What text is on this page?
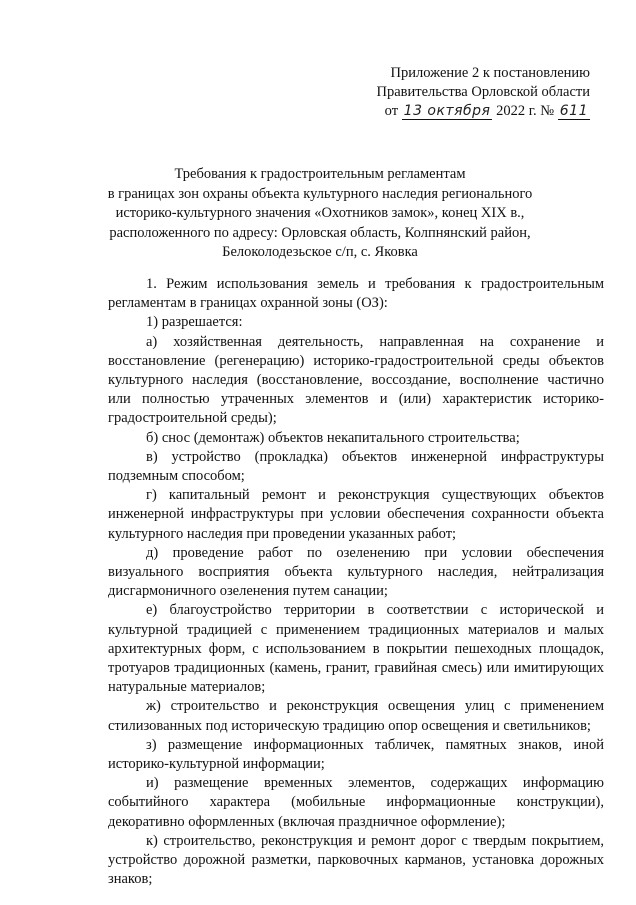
Приложение 2 к постановлению
Правительства Орловской области
от 13 октября 2022 г. № 611
Требования к градостроительным регламентам
в границах зон охраны объекта культурного наследия регионального
историко-культурного значения «Охотников замок», конец XIX в.,
расположенного по адресу: Орловская область, Колпнянский район,
Белоколодезьское с/п, с. Яковка

1. Режим использования земель и требования к градостроительным регламентам в границах охранной зоны (ОЗ):

1) разрешается:

а) хозяйственная деятельность, направленная на сохранение и восстановление (регенерацию) историко-градостроительной среды объектов культурного наследия (восстановление, воссоздание, восполнение частично или полностью утраченных элементов и (или) характеристик историко-градостроительной среды);

б) снос (демонтаж) объектов некапитального строительства;

в) устройство (прокладка) объектов инженерной инфраструктуры подземным способом;

г) капитальный ремонт и реконструкция существующих объектов инженерной инфраструктуры при условии обеспечения сохранности объекта культурного наследия при проведении указанных работ;

д) проведение работ по озеленению при условии обеспечения визуального восприятия объекта культурного наследия, нейтрализация дисгармоничного озеленения путем санации;

е) благоустройство территории в соответствии с исторической и культурной традицией с применением традиционных материалов и малых архитектурных форм, с использованием в покрытии пешеходных площадок, тротуаров традиционных (камень, гранит, гравийная смесь) или имитирующих натуральные материалов;

ж) строительство и реконструкция освещения улиц с применением стилизованных под историческую традицию опор освещения и светильников;

з) размещение информационных табличек, памятных знаков, иной историко-культурной информации;

и) размещение временных элементов, содержащих информацию событийного характера (мобильные информационные конструкции), декоративно оформленных (включая праздничное оформление);

к) строительство, реконструкция и ремонт дорог с твердым покрытием, устройство дорожной разметки, парковочных карманов, установка дорожных знаков;
